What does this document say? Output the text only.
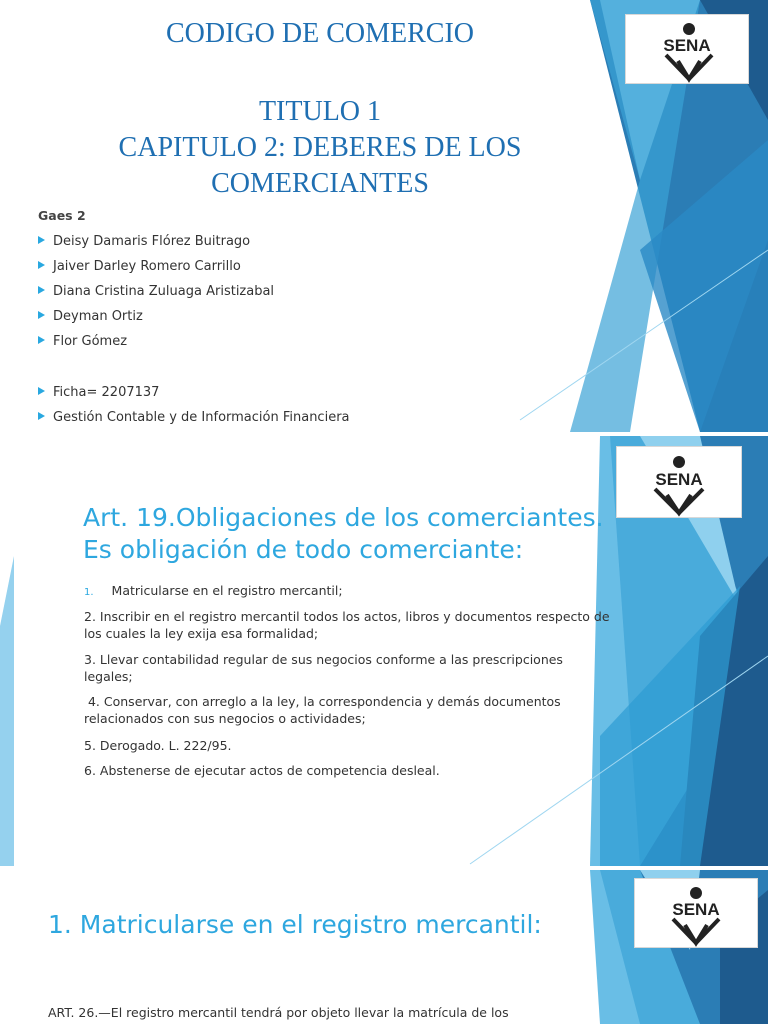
SENA
CODIGO DE COMERCIO
TITULO 1
CAPITULO 2: DEBERES DE LOS
COMERCIANTES
Gaes 2
Deisy Damaris Flórez Buitrago
Jaiver Darley Romero Carrillo
Diana Cristina Zuluaga Aristizabal
Deyman Ortiz
Flor Gómez
Ficha= 2207137
Gestión Contable y de Información Financiera
SENA
Art. 19.Obligaciones de los comerciantes.
Es obligación de todo comerciante:
1. Matricularse en el registro mercantil;
2. Inscribir en el registro mercantil todos los actos, libros y documentos respecto de los cuales la ley exija esa formalidad;
3. Llevar contabilidad regular de sus negocios conforme a las prescripciones legales;
4. Conservar, con arreglo a la ley, la correspondencia y demás documentos relacionados con sus negocios o actividades;
5. Derogado. L. 222/95.
6. Abstenerse de ejecutar actos de competencia desleal.
SENA
1. Matricularse en el registro mercantil:
ART. 26.—El registro mercantil tendrá por objeto llevar la matrícula de los
